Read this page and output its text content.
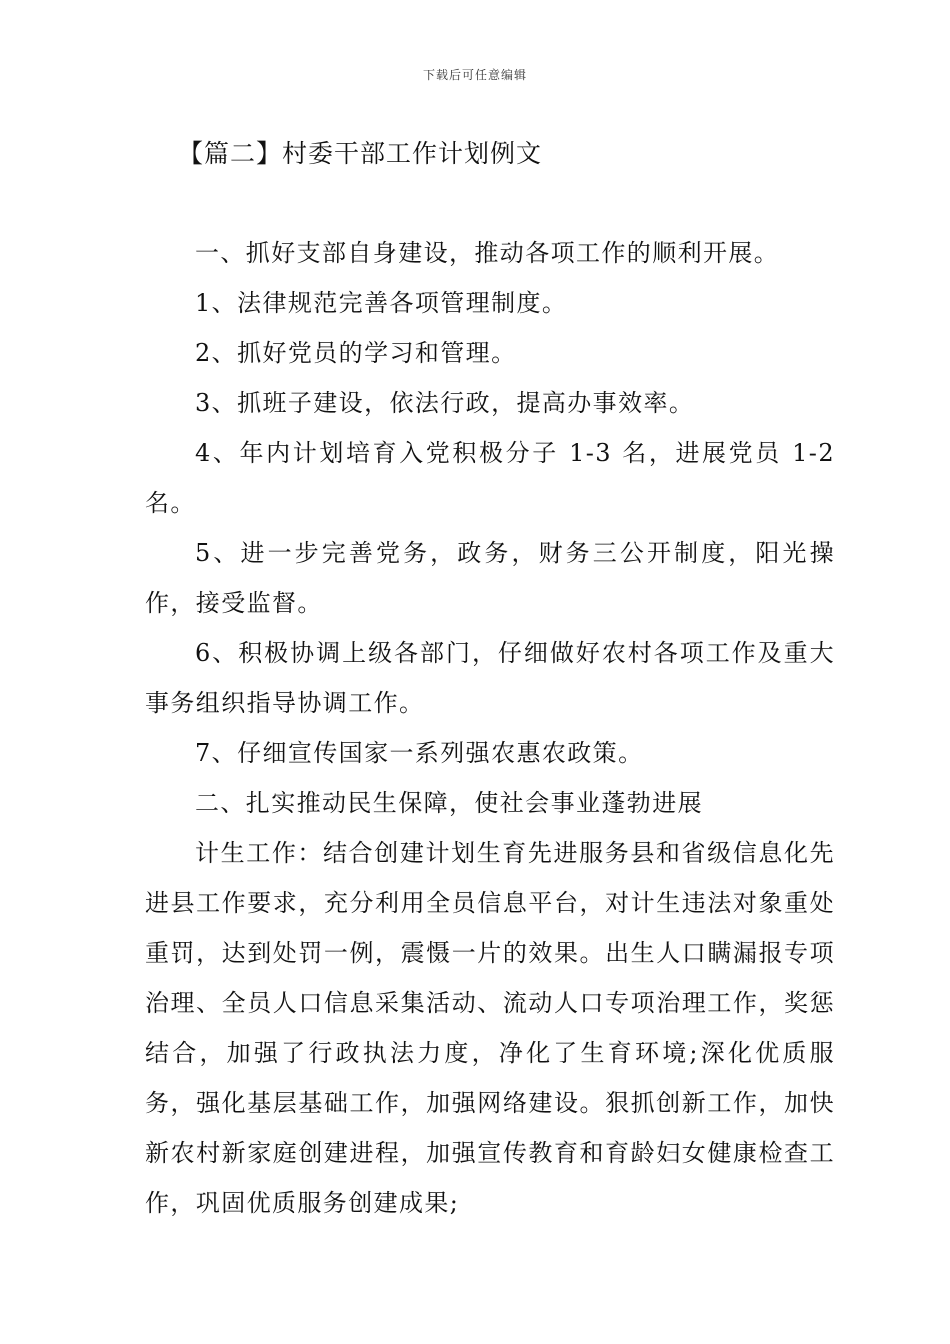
下载后可任意编辑
【篇二】村委干部工作计划例文

一、抓好支部自身建设，推动各项工作的顺利开展。

1、法律规范完善各项管理制度。

2、抓好党员的学习和管理。

3、抓班子建设，依法行政，提高办事效率。

4、年内计划培育入党积极分子 1-3 名，进展党员 1-2 名。

5、进一步完善党务，政务，财务三公开制度，阳光操作，接受监督。

6、积极协调上级各部门，仔细做好农村各项工作及重大事务组织指导协调工作。

7、仔细宣传国家一系列强农惠农政策。

二、扎实推动民生保障，使社会事业蓬勃进展

计生工作：结合创建计划生育先进服务县和省级信息化先进县工作要求，充分利用全员信息平台，对计生违法对象重处重罚，达到处罚一例，震慑一片的效果。出生人口瞒漏报专项治理、全员人口信息采集活动、流动人口专项治理工作，奖惩结合，加强了行政执法力度，净化了生育环境;深化优质服务，强化基层基础工作，加强网络建设。狠抓创新工作，加快新农村新家庭创建进程，加强宣传教育和育龄妇女健康检查工作，巩固优质服务创建成果;
